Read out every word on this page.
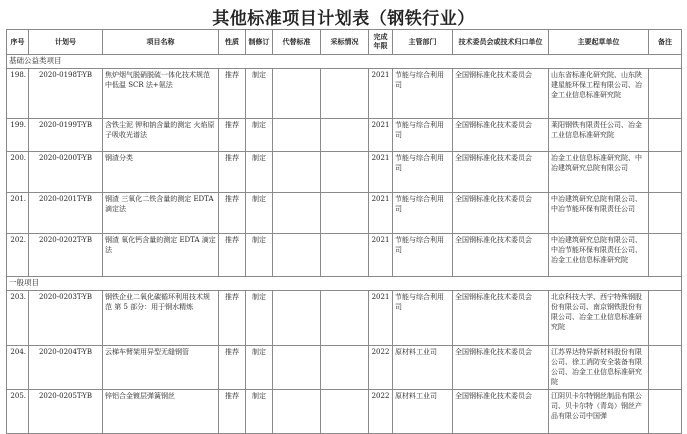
其他标准项目计划表（钢铁行业）
序号	计划号	项目名称	性质	制修订	代替标准	采标情况	完成年限	主管部门	技术委员会或技术归口单位	主要起草单位	备注
基础公益类项目											
198.	2020-0198T-YB	焦炉烟气脱硝脱硫一体化技术规范 中低温 SCR 法+氨法	推荐	制定			2021	节能与综合利用司	全国钢标准化技术委员会	山东省标准化研究院、山东陕建星能环保工程有限公司、冶金工业信息标准研究院	
199.	2020-0199T-YB	含铁尘泥 钾和钠含量的测定 火焰原子吸收光谱法	推荐	制定			2021	节能与综合利用司	全国钢标准化技术委员会	莱阳钢铁有限责任公司、冶金工业信息标准研究院	
200.	2020-0200T-YB	钢渣分类	推荐	制定			2021	节能与综合利用司	全国钢标准化技术委员会	冶金工业信息标准研究院、中冶建筑研究总院有限公司	
201.	2020-0201T-YB	钢渣 三氧化二铁含量的测定 EDTA 滴定法	推荐	制定			2021	节能与综合利用司	全国钢标准化技术委员会	中冶建筑研究总院有限公司、中冶节能环保有限责任公司	
202.	2020-0202T-YB	钢渣 氧化钙含量的测定 EDTA 滴定法	推荐	制定			2021	节能与综合利用司	全国钢标准化技术委员会	中冶建筑研究总院有限公司、中冶节能环保有限责任公司、冶金工业信息标准研究院	
一般项目											
203.	2020-0203T-YB	钢铁企业二氧化碳循环利用技术规范 第 5 部分：用于钢水精炼	推荐	制定			2021	节能与综合利用司	全国钢标准化技术委员会	北京科技大学、西宁特殊钢股份有限公司、南京钢铁股份有限公司、冶金工业信息标准研究院	
204.	2020-0204T-YB	云梯车臂架用异型无缝钢管	推荐	制定			2022	原材料工业司	全国钢标准化技术委员会	江苏界达特异新材料股份有限公司、徐工消防安全装备有限公司、冶金工业信息标准研究院	
205.	2020-0205T-YB	锌铝合金镀层弹簧钢丝	推荐	制定			2022	原材料工业司	全国钢标准化技术委员会	江阴贝卡尔特钢丝制品有限公司、贝卡尔特（青岛）钢丝产品有限公司中国弹	
